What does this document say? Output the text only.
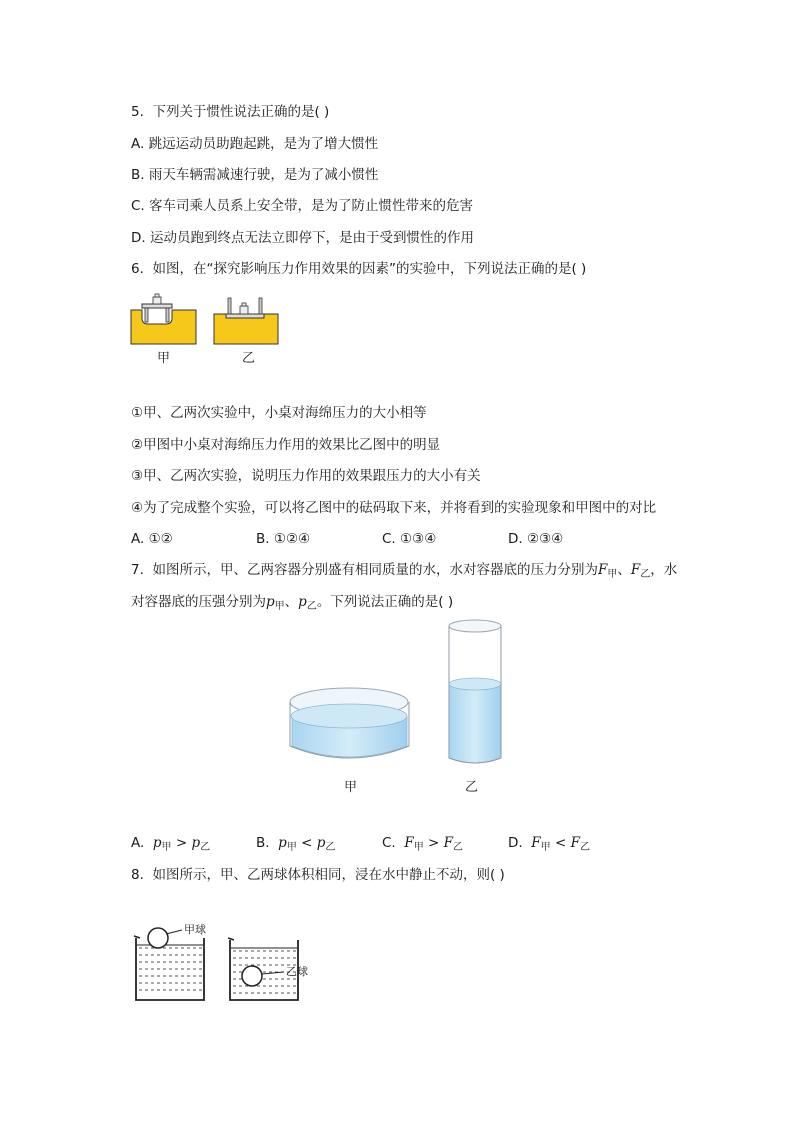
5. 下列关于惯性说法正确的是( )
A. 跳远运动员助跑起跳，是为了增大惯性
B. 雨天车辆需减速行驶，是为了减小惯性
C. 客车司乘人员系上安全带，是为了防止惯性带来的危害
D. 运动员跑到终点无法立即停下，是由于受到惯性的作用
6. 如图，在“探究影响压力作用效果的因素”的实验中，下列说法正确的是( )
甲	乙
①甲、乙两次实验中，小桌对海绵压力的大小相等
②甲图中小桌对海绵压力作用的效果比乙图中的明显
③甲、乙两次实验，说明压力作用的效果跟压力的大小有关
④为了完成整个实验，可以将乙图中的砝码取下来，并将看到的实验现象和甲图中的对比
A. ①②	B. ①②④	C. ①③④	D. ②③④
7. 如图所示，甲、乙两容器分别盛有相同质量的水，水对容器底的压力分别为$F_甲$、$F_乙$，水
对容器底的压强分别为$p_甲$、$p_乙$。下列说法正确的是( )
甲	乙
A. $p_甲 > p_乙$	B. $p_甲 < p_乙$	C. $F_甲 > F_乙$	D. $F_甲 < F_乙$
8. 如图所示，甲、乙两球体积相同，浸在水中静止不动，则( )
甲球
乙球
